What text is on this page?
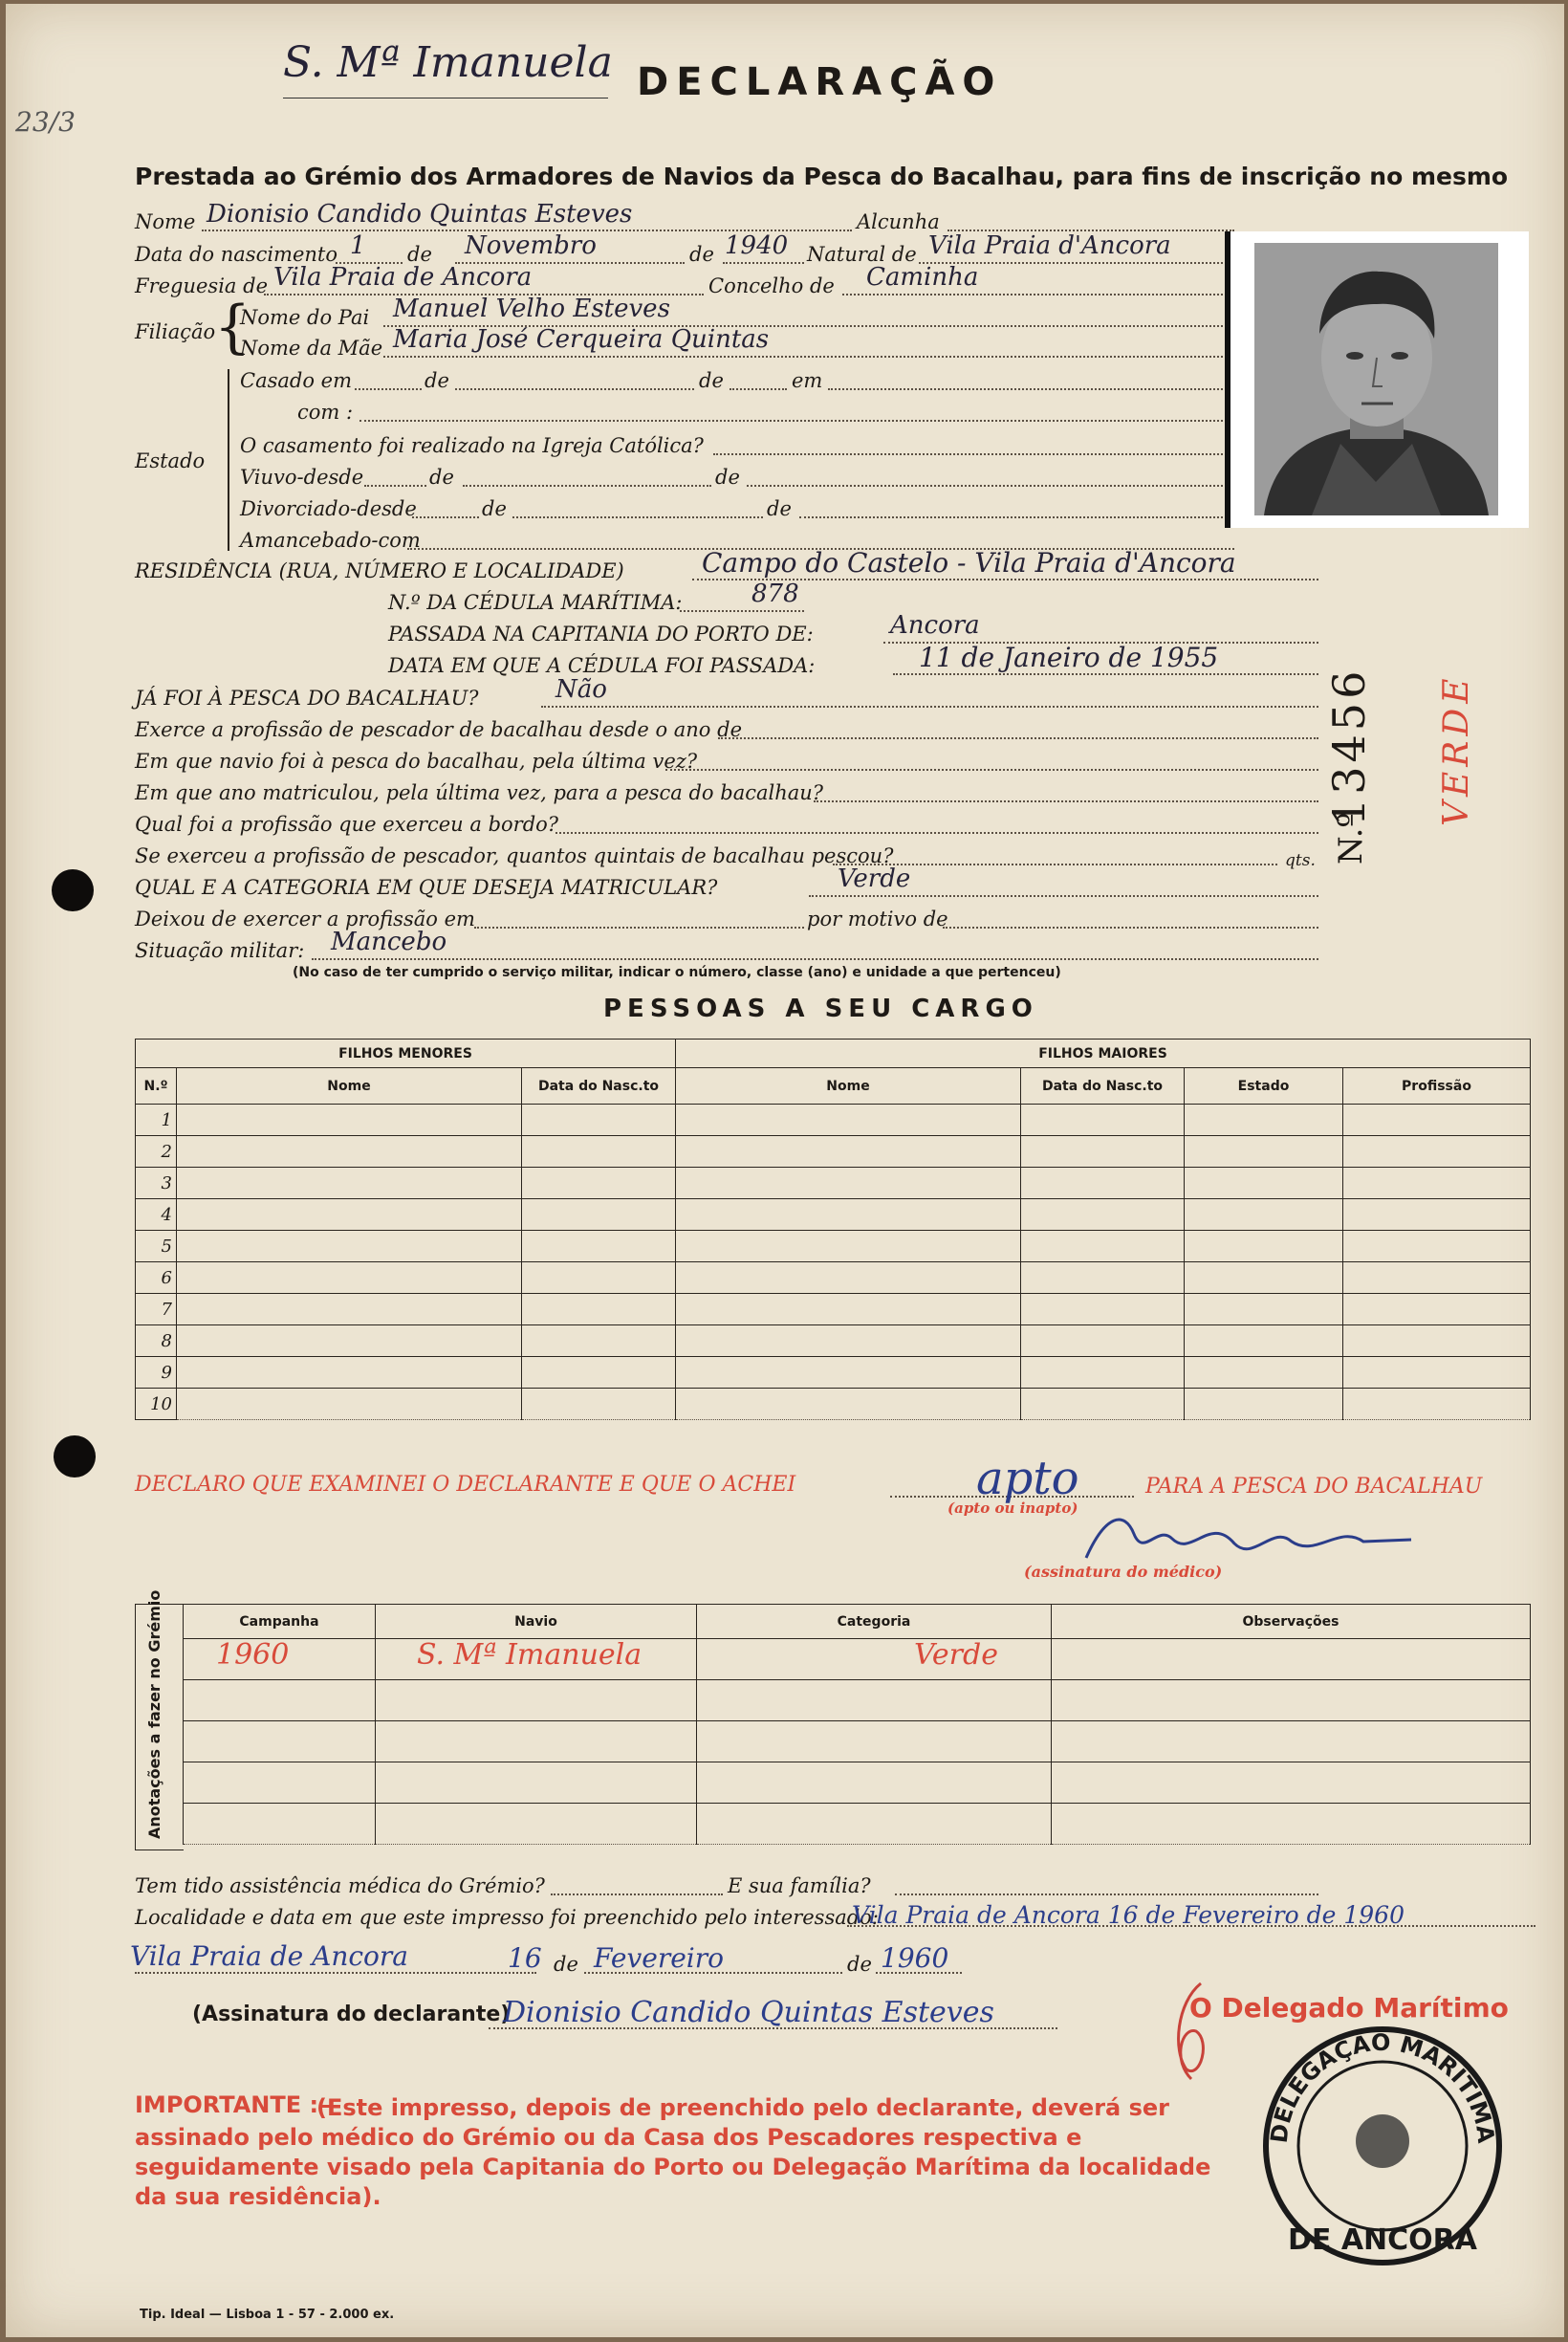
S. Mª Imanuela
23/3
DECLARAÇÃO
Prestada ao Grémio dos Armadores de Navios da Pesca do Bacalhau, para fins de inscrição no mesmo
Nome Dionisio Candido Quintas Esteves	Alcunha
Data do nascimento 1 de Novembro	de 1940 Natural de Vila Praia d'Ancora
Freguesia de Vila Praia de Ancora	Concelho de Caminha
Filiação
{
Nome do Pai Manuel Velho Esteves
Nome da Mãe Maria José Cerqueira Quintas
Estado
Casado em	de	de	em
com :
O casamento foi realizado na Igreja Católica?
Viuvo-desde	de	de
Divorciado-desde	de	de
Amancebado-com
RESIDÊNCIA (RUA, NÚMERO E LOCALIDADE)	Campo do Castelo - Vila Praia d'Ancora
N.º DA CÉDULA MARÍTIMA:	878
PASSADA NA CAPITANIA DO PORTO DE:	Ancora
DATA EM QUE A CÉDULA FOI PASSADA:	11 de Janeiro de 1955
JÁ FOI À PESCA DO BACALHAU?	Não
Exerce a profissão de pescador de bacalhau desde o ano de
Em que navio foi à pesca do bacalhau, pela última vez?
Em que ano matriculou, pela última vez, para a pesca do bacalhau?
Qual foi a profissão que exerceu a bordo?
Se exerceu a profissão de pescador, quantos quintais de bacalhau pescou?	qts.
QUAL E A CATEGORIA EM QUE DESEJA MATRICULAR?	Verde
Deixou de exercer a profissão em	por motivo de
Situação militar: Mancebo
(No caso de ter cumprido o serviço militar, indicar o número, classe (ano) e unidade a que pertenceu)
N.º
13456 VERDE
PESSOAS A SEU CARGO
FILHOS MENORES			FILHOS MAIORES			
N.º	Nome	Data do Nasc.to	Nome	Data do Nasc.to	Estado	Profissão
1						
2						
3						
4						
5						
6						
7						
8						
9						
10						
DECLARO QUE EXAMINEI O DECLARANTE E QUE O ACHEI	apto	PARA A PESCA DO BACALHAU
(apto ou inapto)
(assinatura do médico)
Anotações a fazer no Grémio	Campanha	Navio	Categoria	Observações

1960	S. Mª Imanuela	Verde
Tem tido assistência médica do Grémio?	E sua família?
Localidade e data em que este impresso foi preenchido pelo interessado:
Vila Praia de Ancora 16 de Fevereiro de 1960
Vila Praia de Ancora	16 de Fevereiro	de 1960
(Assinatura do declarante)
Dionisio Candido Quintas Esteves	O Delegado Marítimo
DELEGAÇÃO MARÍTIMA
DE ANCORA
IMPORTANTE :—
(Este impresso, depois de preenchido pelo declarante, deverá ser assinado pelo médico do Grémio ou da Casa dos Pescadores respectiva e seguidamente visado pela Capitania do Porto ou Delegação Marítima da localidade da sua residência).
Tip. Ideal — Lisboa 1 - 57 - 2.000 ex.
